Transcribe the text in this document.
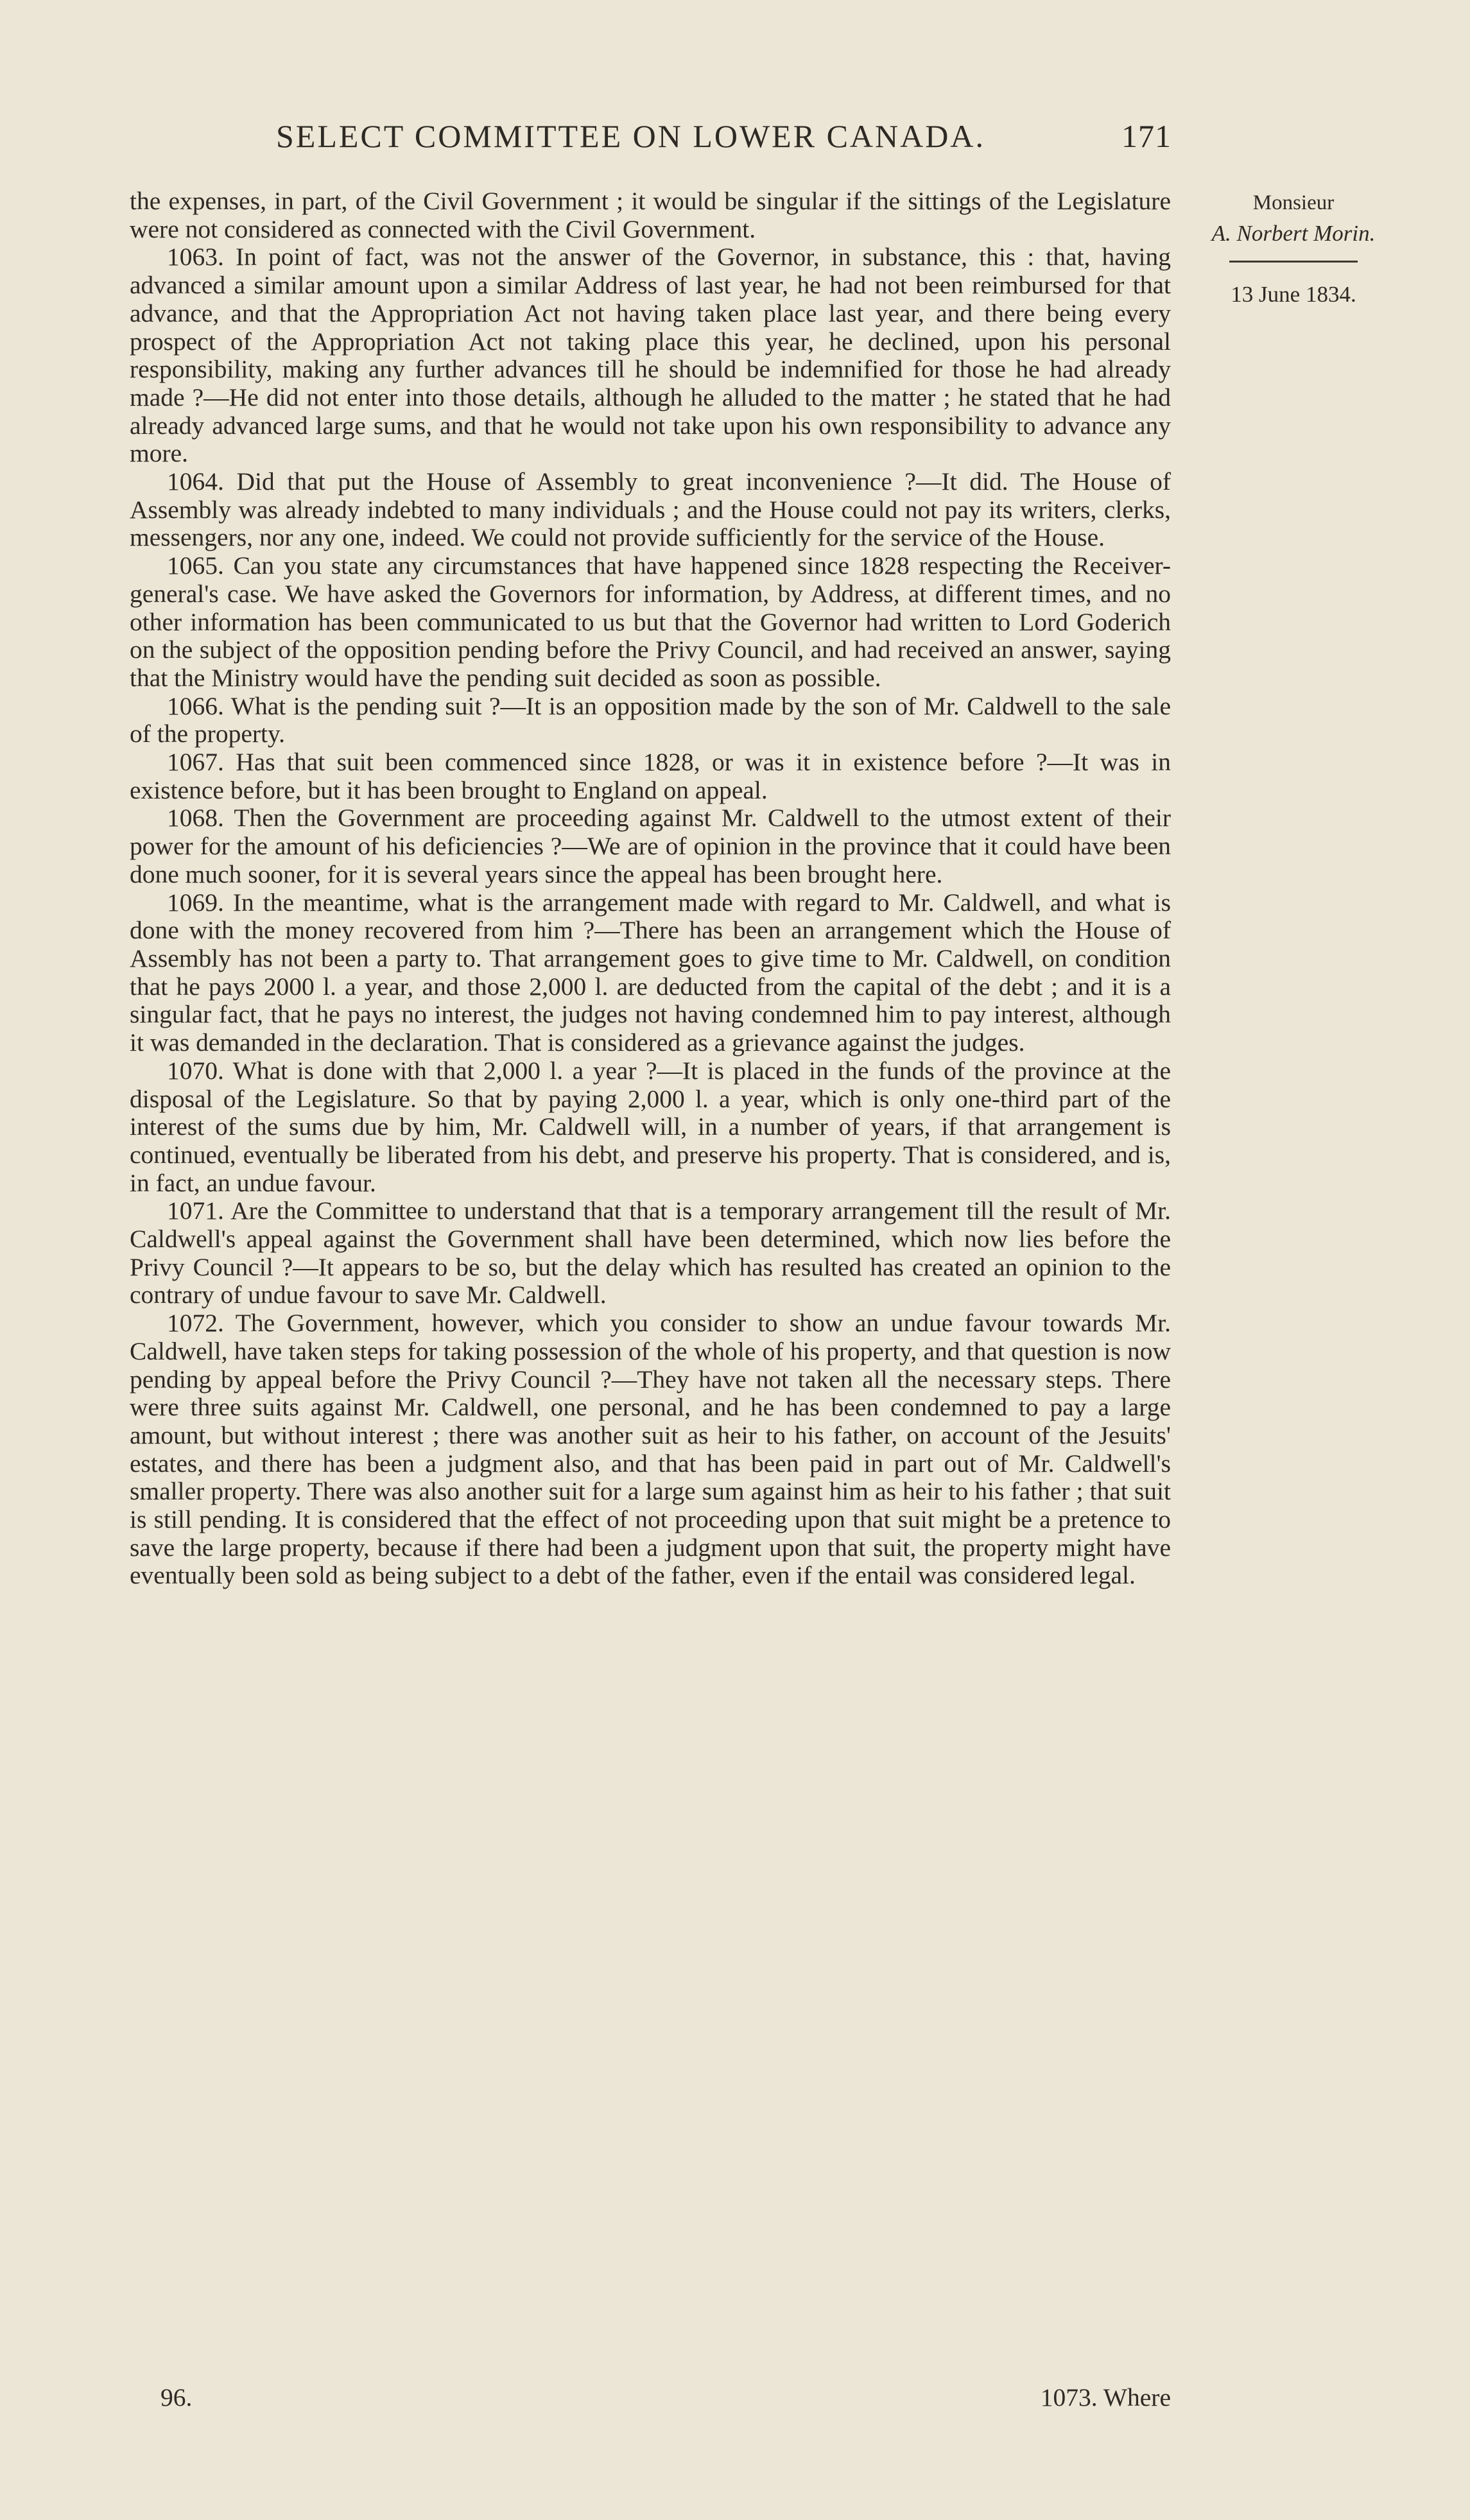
SELECT COMMITTEE ON LOWER CANADA.	171
Monsieur
A. Norbert Morin.
13 June 1834.

the expenses, in part, of the Civil Government ; it would be singular if the sittings of the Legislature were not considered as connected with the Civil Government.

1063. In point of fact, was not the answer of the Governor, in substance, this : that, having advanced a similar amount upon a similar Address of last year, he had not been reimbursed for that advance, and that the Appropriation Act not having taken place last year, and there being every prospect of the Appropriation Act not taking place this year, he declined, upon his personal responsibility, making any further advances till he should be indemnified for those he had already made ?—He did not enter into those details, although he alluded to the matter ; he stated that he had already advanced large sums, and that he would not take upon his own responsibility to advance any more.

1064. Did that put the House of Assembly to great inconvenience ?—It did. The House of Assembly was already indebted to many individuals ; and the House could not pay its writers, clerks, messengers, nor any one, indeed. We could not provide sufficiently for the service of the House.

1065. Can you state any circumstances that have happened since 1828 respecting the Receiver-general's case. We have asked the Governors for information, by Address, at different times, and no other information has been communicated to us but that the Governor had written to Lord Goderich on the subject of the opposition pending before the Privy Council, and had received an answer, saying that the Ministry would have the pending suit decided as soon as possible.

1066. What is the pending suit ?—It is an opposition made by the son of Mr. Caldwell to the sale of the property.

1067. Has that suit been commenced since 1828, or was it in existence before ?—It was in existence before, but it has been brought to England on appeal.

1068. Then the Government are proceeding against Mr. Caldwell to the utmost extent of their power for the amount of his deficiencies ?—We are of opinion in the province that it could have been done much sooner, for it is several years since the appeal has been brought here.

1069. In the meantime, what is the arrangement made with regard to Mr. Caldwell, and what is done with the money recovered from him ?—There has been an arrangement which the House of Assembly has not been a party to. That arrangement goes to give time to Mr. Caldwell, on condition that he pays 2000 l. a year, and those 2,000 l. are deducted from the capital of the debt ; and it is a singular fact, that he pays no interest, the judges not having condemned him to pay interest, although it was demanded in the declaration. That is considered as a grievance against the judges.

1070. What is done with that 2,000 l. a year ?—It is placed in the funds of the province at the disposal of the Legislature. So that by paying 2,000 l. a year, which is only one-third part of the interest of the sums due by him, Mr. Caldwell will, in a number of years, if that arrangement is continued, eventually be liberated from his debt, and preserve his property. That is considered, and is, in fact, an undue favour.

1071. Are the Committee to understand that that is a temporary arrangement till the result of Mr. Caldwell's appeal against the Government shall have been determined, which now lies before the Privy Council ?—It appears to be so, but the delay which has resulted has created an opinion to the contrary of undue favour to save Mr. Caldwell.

1072. The Government, however, which you consider to show an undue favour towards Mr. Caldwell, have taken steps for taking possession of the whole of his property, and that question is now pending by appeal before the Privy Council ?—They have not taken all the necessary steps. There were three suits against Mr. Caldwell, one personal, and he has been condemned to pay a large amount, but without interest ; there was another suit as heir to his father, on account of the Jesuits' estates, and there has been a judgment also, and that has been paid in part out of Mr. Caldwell's smaller property. There was also another suit for a large sum against him as heir to his father ; that suit is still pending. It is considered that the effect of not proceeding upon that suit might be a pretence to save the large property, because if there had been a judgment upon that suit, the property might have eventually been sold as being subject to a debt of the father, even if the entail was considered legal.

96.	1073. Where
